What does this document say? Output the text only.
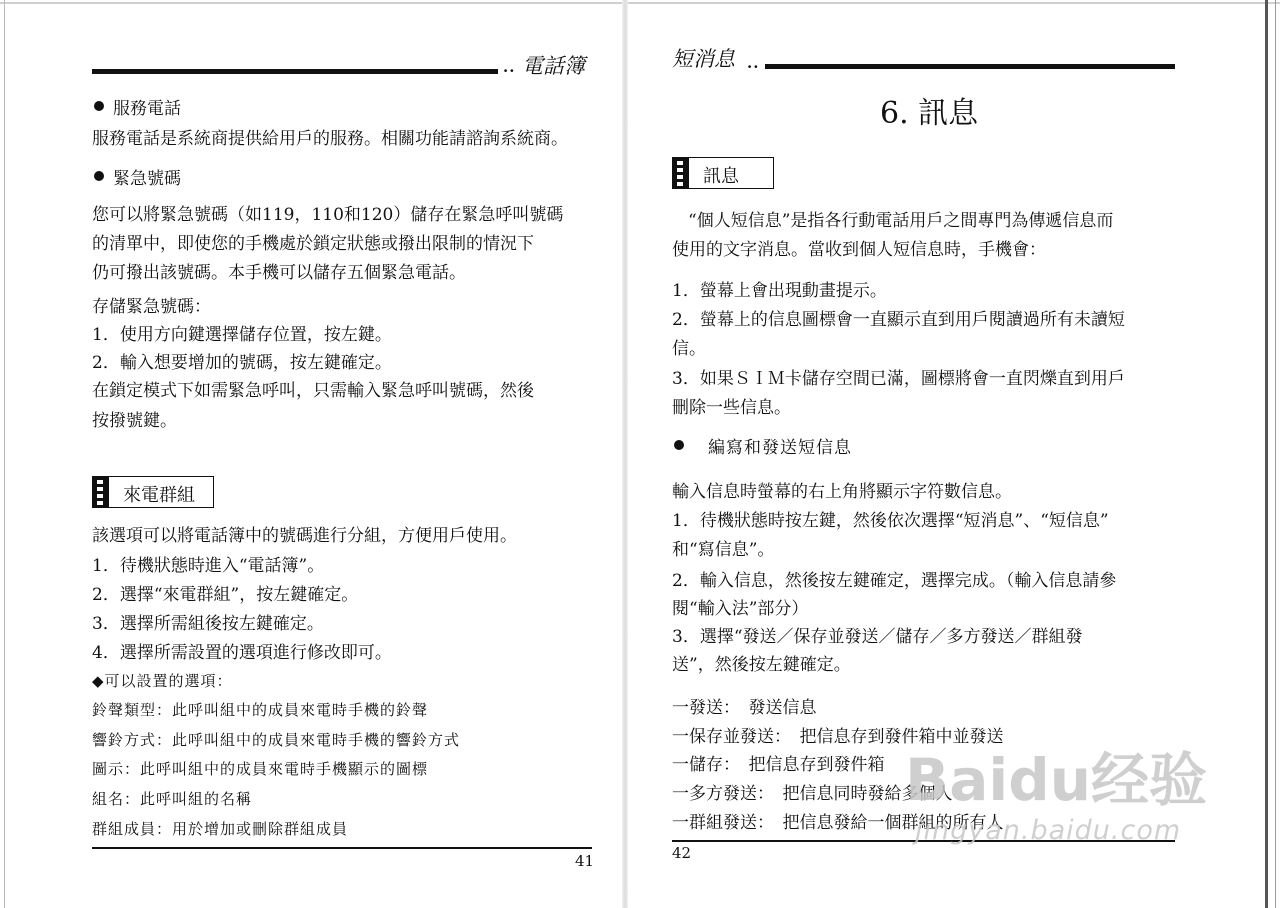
.. 電話簿
服務電話
服務電話是系統商提供給用戶的服務。相關功能請諮詢系統商。
緊急號碼
您可以將緊急號碼（如119，110和120）儲存在緊急呼叫號碼
的清單中，即使您的手機處於鎖定狀態或撥出限制的情況下
仍可撥出該號碼。本手機可以儲存五個緊急電話。
存儲緊急號碼：
1．使用方向鍵選擇儲存位置，按左鍵。
2．輸入想要增加的號碼，按左鍵確定。
在鎖定模式下如需緊急呼叫，只需輸入緊急呼叫號碼，然後
按撥號鍵。
來電群組
該選項可以將電話簿中的號碼進行分組，方便用戶使用。
1．待機狀態時進入“電話簿”。
2．選擇“來電群組”，按左鍵確定。
3．選擇所需組後按左鍵確定。
4．選擇所需設置的選項進行修改即可。
◆可以設置的選項：
鈴聲類型：此呼叫組中的成員來電時手機的鈴聲
響鈴方式：此呼叫組中的成員來電時手機的響鈴方式
圖示：此呼叫組中的成員來電時手機顯示的圖標
組名：此呼叫組的名稱
群組成員：用於增加或刪除群組成員
41
短消息 ..
6. 訊息
訊息
“個人短信息”是指各行動電話用戶之間專門為傳遞信息而
使用的文字消息。當收到個人短信息時，手機會：
1．螢幕上會出現動畫提示。
2．螢幕上的信息圖標會一直顯示直到用戶閱讀過所有未讀短
信。
3．如果ＳＩＭ卡儲存空間已滿，圖標將會一直閃爍直到用戶
刪除一些信息。
編寫和發送短信息
輸入信息時螢幕的右上角將顯示字符數信息。
1．待機狀態時按左鍵，然後依次選擇“短消息”、“短信息”
和“寫信息”。
2．輸入信息，然後按左鍵確定，選擇完成。（輸入信息請參
閱“輸入法”部分）
3．選擇“發送／保存並發送／儲存／多方發送／群組發
送”，然後按左鍵確定。
一發送：　發送信息
一保存並發送：　把信息存到發件箱中並發送
一儲存：　把信息存到發件箱
一多方發送：　把信息同時發給多個人
一群組發送：　把信息發給一個群組的所有人
42
Baidu经验
jingyan.baidu.com
